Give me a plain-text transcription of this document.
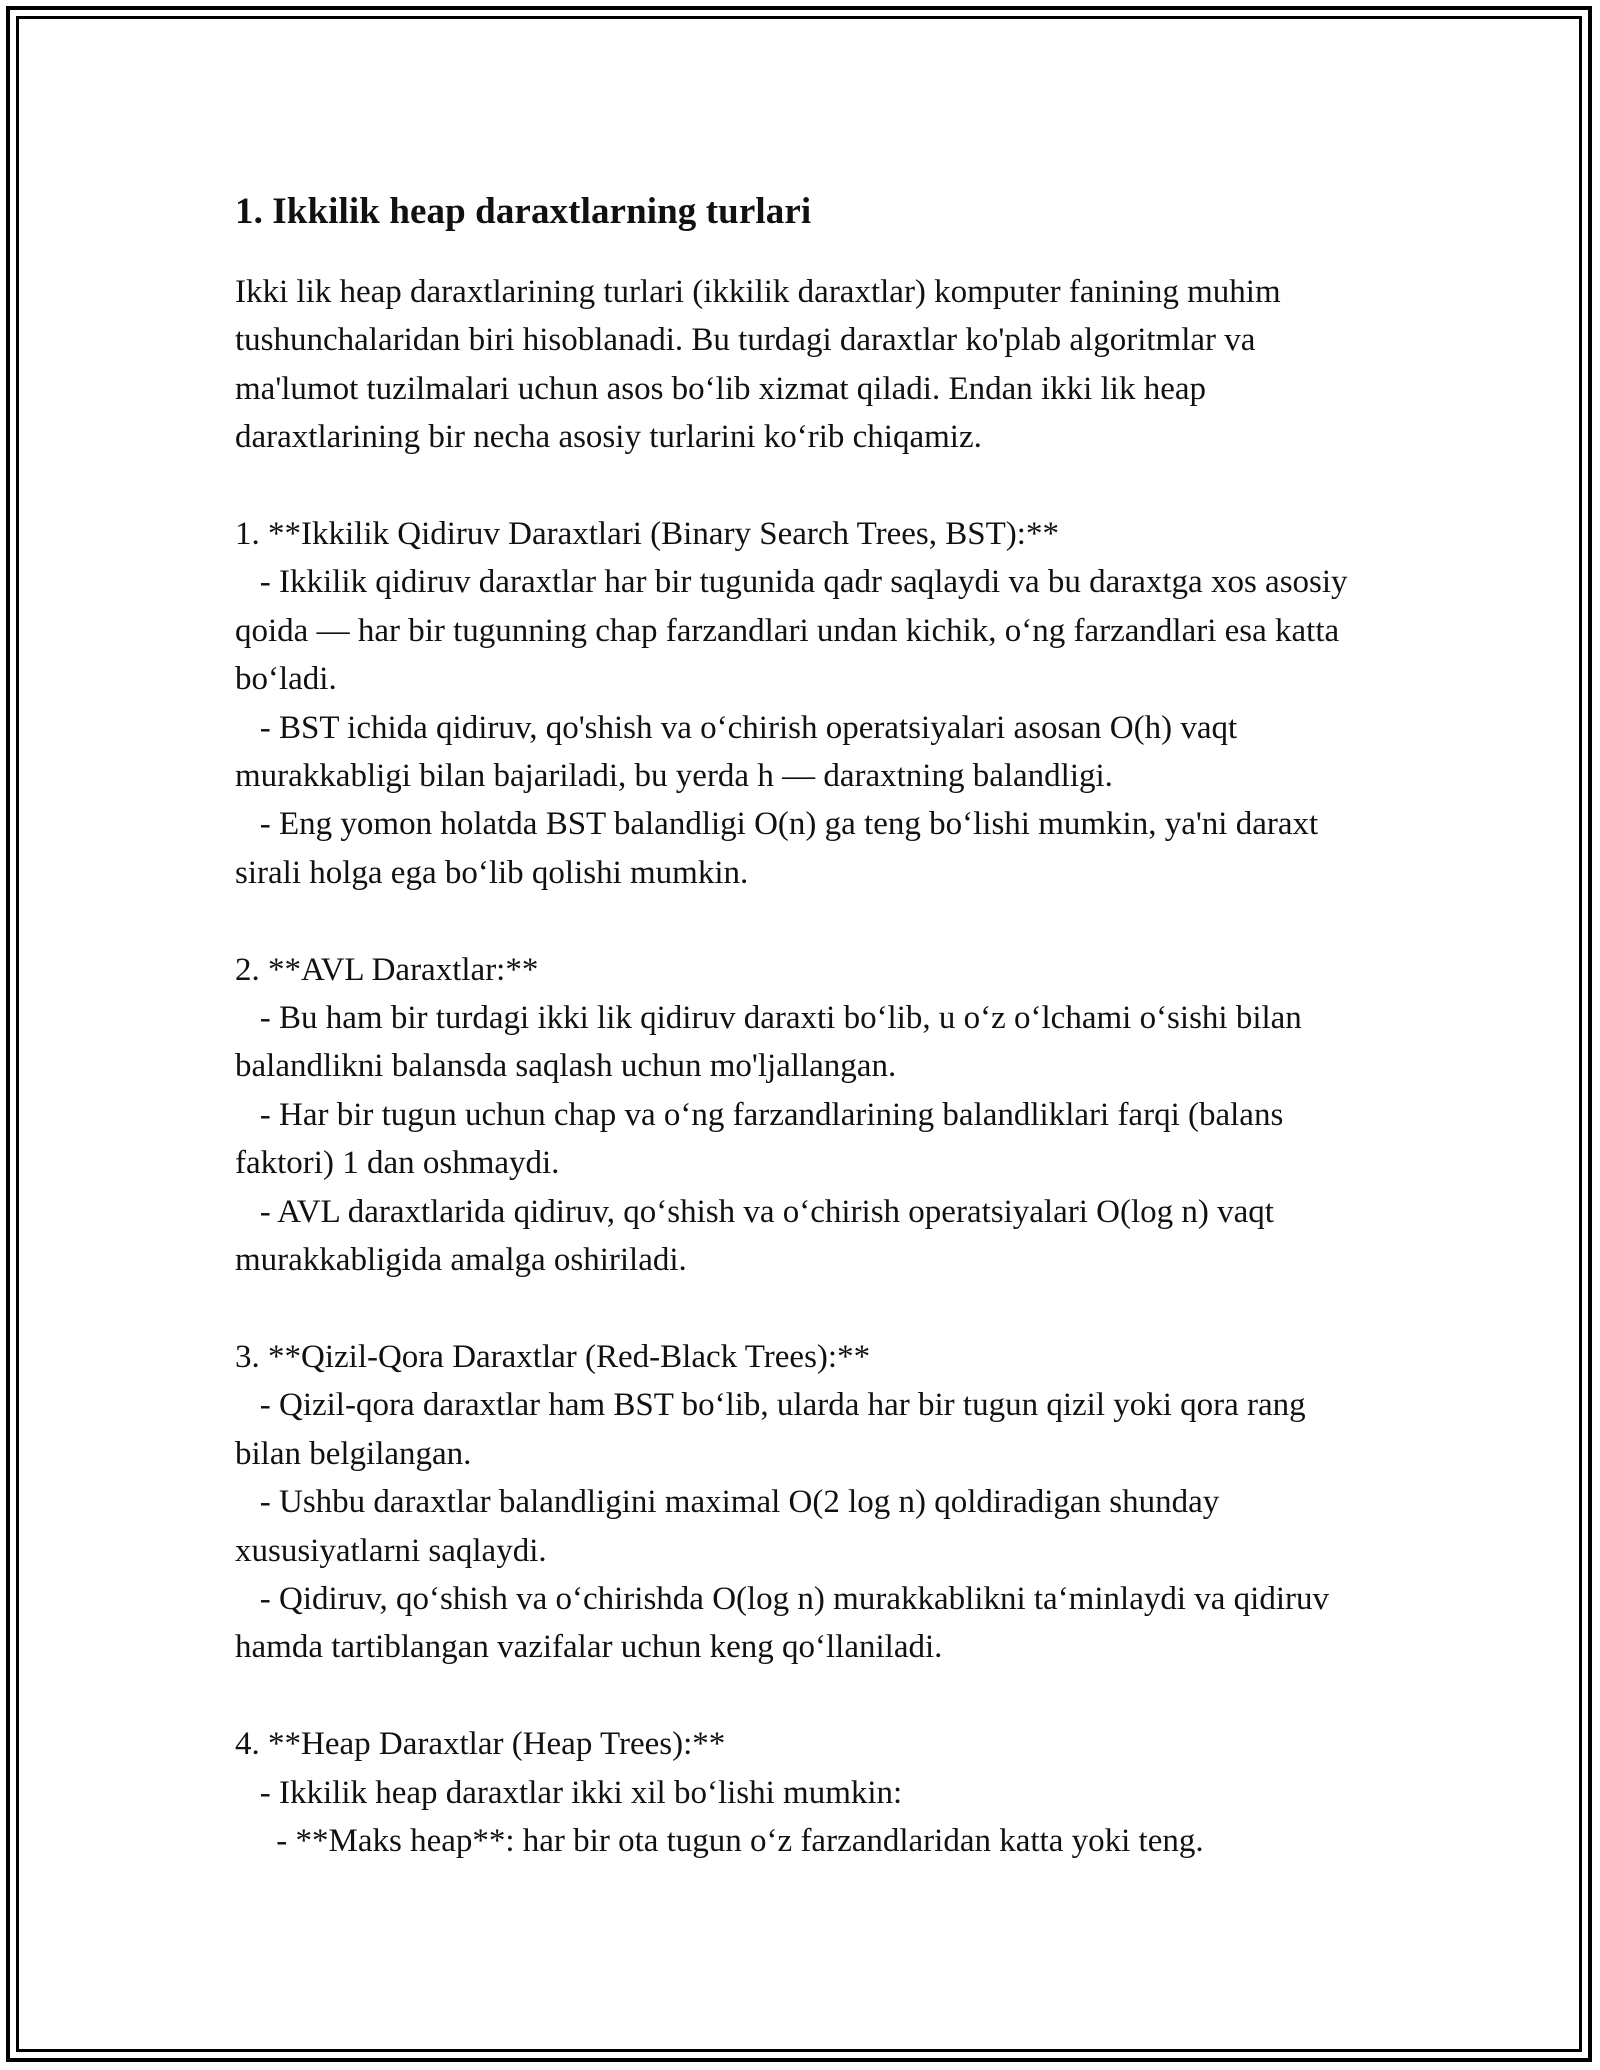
1. Ikkilik heap daraxtlarning turlari

Ikki lik heap daraxtlarining turlari (ikkilik daraxtlar) komputer fanining muhim tushunchalaridan biri hisoblanadi. Bu turdagi daraxtlar ko'plab algoritmlar va ma'lumot tuzilmalari uchun asos bo‘lib xizmat qiladi. Endan ikki lik heap daraxtlarining bir necha asosiy turlarini ko‘rib chiqamiz.

1. **Ikkilik Qidiruv Daraxtlari (Binary Search Trees, BST):**

- Ikkilik qidiruv daraxtlar har bir tugunida qadr saqlaydi va bu daraxtga xos asosiy qoida — har bir tugunning chap farzandlari undan kichik, o‘ng farzandlari esa katta bo‘ladi.

- BST ichida qidiruv, qo'shish va o‘chirish operatsiyalari asosan O(h) vaqt murakkabligi bilan bajariladi, bu yerda h — daraxtning balandligi.

- Eng yomon holatda BST balandligi O(n) ga teng bo‘lishi mumkin, ya'ni daraxt sirali holga ega bo‘lib qolishi mumkin.

2. **AVL Daraxtlar:**

- Bu ham bir turdagi ikki lik qidiruv daraxti bo‘lib, u o‘z o‘lchami o‘sishi bilan balandlikni balansda saqlash uchun mo'ljallangan.

- Har bir tugun uchun chap va o‘ng farzandlarining balandliklari farqi (balans faktori) 1 dan oshmaydi.

- AVL daraxtlarida qidiruv, qo‘shish va o‘chirish operatsiyalari O(log n) vaqt murakkabligida amalga oshiriladi.

3. **Qizil-Qora Daraxtlar (Red-Black Trees):**

- Qizil-qora daraxtlar ham BST bo‘lib, ularda har bir tugun qizil yoki qora rang bilan belgilangan.

- Ushbu daraxtlar balandligini maximal O(2 log n) qoldiradigan shunday xususiyatlarni saqlaydi.

- Qidiruv, qo‘shish va o‘chirishda O(log n) murakkablikni ta‘minlaydi va qidiruv hamda tartiblangan vazifalar uchun keng qo‘llaniladi.

4. **Heap Daraxtlar (Heap Trees):**

- Ikkilik heap daraxtlar ikki xil bo‘lishi mumkin:

- **Maks heap**: har bir ota tugun o‘z farzandlaridan katta yoki teng.
